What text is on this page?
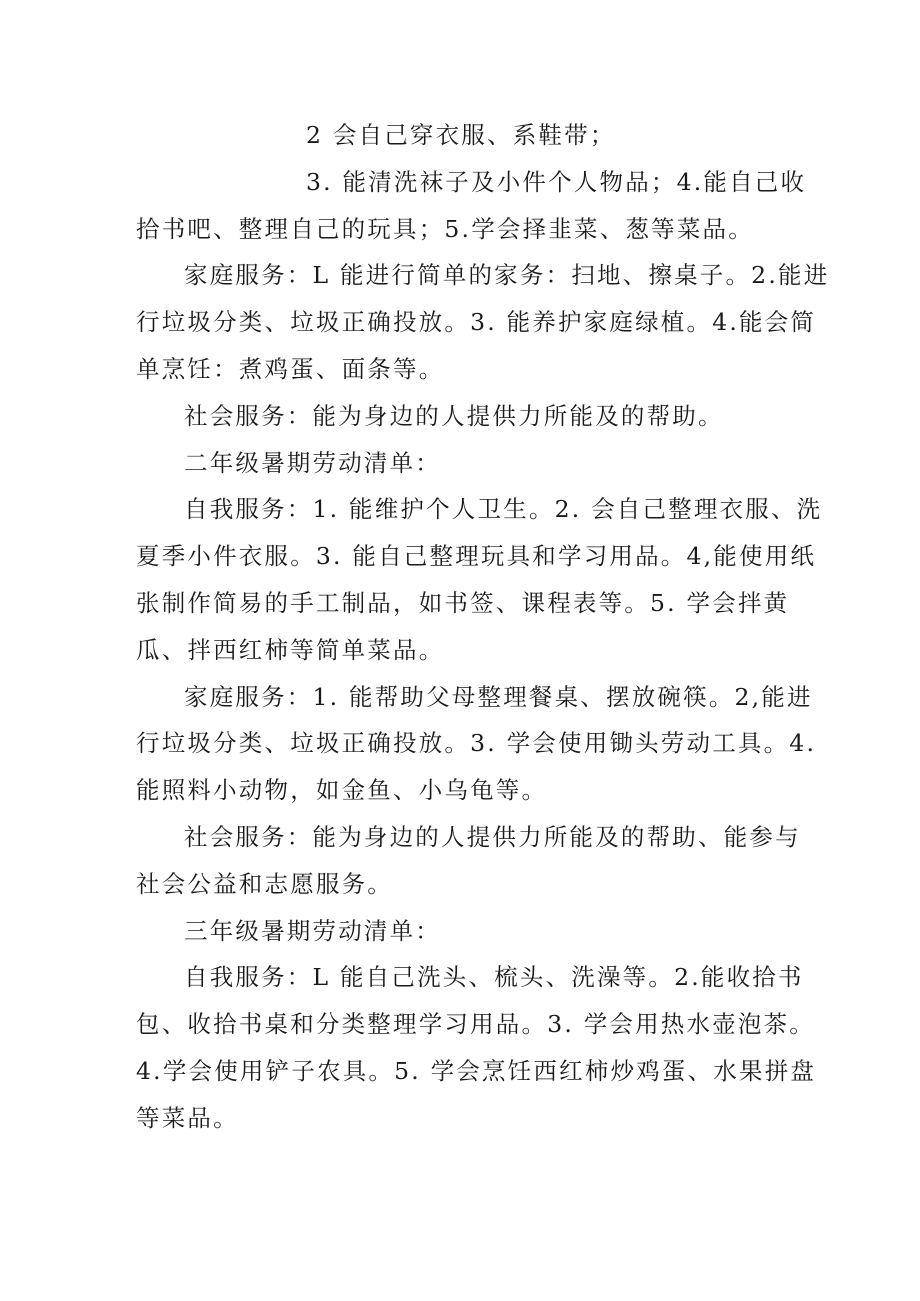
2 会自己穿衣服、系鞋带；

3. 能清洗袜子及小件个人物品；4.能自己收

拾书吧、整理自己的玩具；5.学会择韭菜、葱等菜品。

家庭服务：L 能进行简单的家务：扫地、擦桌子。2.能进

行垃圾分类、垃圾正确投放。3. 能养护家庭绿植。4.能会简

单烹饪：煮鸡蛋、面条等。

社会服务：能为身边的人提供力所能及的帮助。

二年级暑期劳动清单：

自我服务：1. 能维护个人卫生。2. 会自己整理衣服、洗

夏季小件衣服。3. 能自己整理玩具和学习用品。4,能使用纸

张制作简易的手工制品，如书签、课程表等。5. 学会拌黄

瓜、拌西红柿等简单菜品。

家庭服务：1. 能帮助父母整理餐桌、摆放碗筷。2,能进

行垃圾分类、垃圾正确投放。3. 学会使用锄头劳动工具。4.

能照料小动物，如金鱼、小乌龟等。

社会服务：能为身边的人提供力所能及的帮助、能参与

社会公益和志愿服务。

三年级暑期劳动清单：

自我服务：L 能自己洗头、梳头、洗澡等。2.能收拾书

包、收拾书桌和分类整理学习用品。3. 学会用热水壶泡茶。

4.学会使用铲子农具。5. 学会烹饪西红柿炒鸡蛋、水果拼盘

等菜品。
